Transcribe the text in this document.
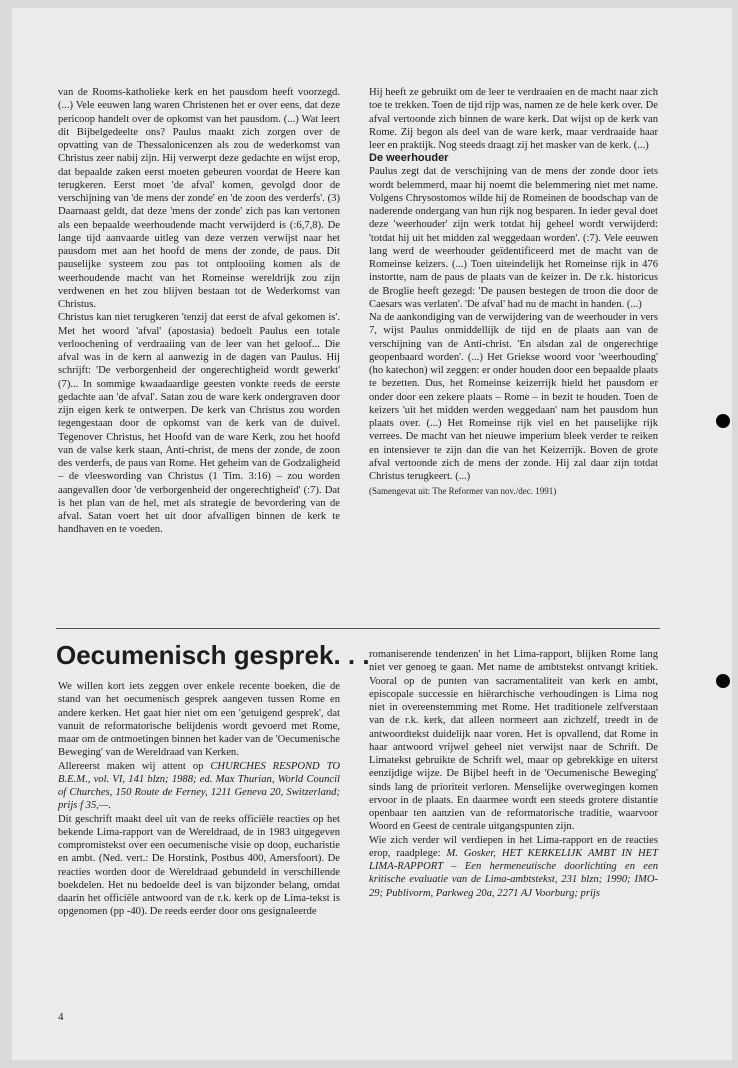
van de Rooms-katholieke kerk en het pausdom heeft voorzegd. (...) Vele eeuwen lang waren Christenen het er over eens, dat deze pericoop handelt over de opkomst van het pausdom. (...) Wat leert dit Bijbelgedeelte ons? Paulus maakt zich zorgen over de opvatting van de Thessalonicenzen als zou de wederkomst van Christus zeer nabij zijn. Hij verwerpt deze gedachte en wijst erop, dat bepaalde zaken eerst moeten gebeuren voordat de Heere kan terugkeren. Eerst moet 'de afval' komen, gevolgd door de verschijning van 'de mens der zonde' en 'de zoon des verderfs'. (3) Daarnaast geldt, dat deze 'mens der zonde' zich pas kan vertonen als een bepaalde weerhoudende macht verwijderd is (:6,7,8). De lange tijd aanvaarde uitleg van deze verzen verwijst naar het pausdom met aan het hoofd de mens der zonde, de paus. Dit pauselijke systeem zou pas tot ontplooiing komen als de weerhoudende macht van het Romeinse wereldrijk zou zijn verdwenen en het zou blijven bestaan tot de Wederkomst van Christus.

Christus kan niet terugkeren 'tenzij dat eerst de afval gekomen is'. Met het woord 'afval' (apostasia) bedoelt Paulus een totale verloochening of verdraaiing van de leer van het geloof... Die afval was in de kern al aanwezig in de dagen van Paulus. Hij schrijft: 'De verborgenheid der ongerechtigheid wordt gewerkt' (7)... In sommige kwaadaardige geesten vonkte reeds de eerste gedachte aan 'de afval'. Satan zou de ware kerk ondergraven door zijn eigen kerk te ontwerpen. De kerk van Christus zou worden tegengestaan door de opkomst van de kerk van de duivel. Tegenover Christus, het Hoofd van de ware Kerk, zou het hoofd van de valse kerk staan, Anti-christ, de mens der zonde, de zoon des verderfs, de paus van Rome. Het geheim van de Godzaligheid – de vleeswording van Christus (1 Tim. 3:16) – zou worden aangevallen door 'de verborgenheid der ongerechtigheid' (:7). Dat is het plan van de hel, met als strategie de bevordering van de afval. Satan voert het uit door afvalligen binnen de kerk te handhaven en te voeden.

Hij heeft ze gebruikt om de leer te verdraaien en de macht naar zich toe te trekken. Toen de tijd rijp was, namen ze de hele kerk over. De afval vertoonde zich binnen de ware kerk. Dat wijst op de kerk van Rome. Zij begon als deel van de ware kerk, maar verdraaide haar leer en praktijk. Nog steeds draagt zij het masker van de kerk. (...)

De weerhouder

Paulus zegt dat de verschijning van de mens der zonde door iets wordt belemmerd, maar hij noemt die belemmering niet met name. Volgens Chrysostomos wilde hij de Romeinen de boodschap van de naderende ondergang van hun rijk nog besparen. In ieder geval doet deze 'weerhouder' zijn werk totdat hij geheel wordt verwijderd: 'totdat hij uit het midden zal weggedaan worden'. (:7). Vele eeuwen lang werd de weerhouder geïdentificeerd met de macht van de Romeinse keizers. (...) Toen uiteindelijk het Romeinse rijk in 476 instortte, nam de paus de plaats van de keizer in. De r.k. historicus de Broglie heeft gezegd: 'De pausen bestegen de troon die door de Caesars was verlaten'. 'De afval' had nu de macht in handen. (...)

Na de aankondiging van de verwijdering van de weerhouder in vers 7, wijst Paulus onmiddellijk de tijd en de plaats aan van de verschijning van de Anti-christ. 'En alsdan zal de ongerechtige geopenbaard worden'. (...) Het Griekse woord voor 'weerhouding' (ho katechon) wil zeggen: er onder houden door een bepaalde plaats te bezetten. Dus, het Romeinse keizerrijk hield het pausdom er onder door een zekere plaats – Rome – in bezit te houden. Toen de keizers 'uit het midden werden weggedaan' nam het pausdom hun plaats over. (...) Het Romeinse rijk viel en het pauselijke rijk verrees. De macht van het nieuwe imperium bleek verder te reiken en intensiever te zijn dan die van het Keizerrijk. Boven de grote afval vertoonde zich de mens der zonde. Hij zal daar zijn totdat Christus terugkeert. (...)

(Samengevat uit: The Reformer van nov./dec. 1991)

Oecumenisch gesprek. . .

We willen kort iets zeggen over enkele recente boeken, die de stand van het oecumenisch gesprek aangeven tussen Rome en andere kerken. Het gaat hier niet om een 'getuigend gesprek', dat vanuit de reformatorische belijdenis wordt gevoerd met Rome, maar om de ontmoetingen binnen het kader van de 'Oecumenische Beweging' van de Wereldraad van Kerken.

Allereerst maken wij attent op CHURCHES RESPOND TO B.E.M., vol. VI, 141 blzn; 1988; ed. Max Thurian, World Council of Churches, 150 Route de Ferney, 1211 Geneva 20, Switzerland; prijs f 35,—.

Dit geschrift maakt deel uit van de reeks officiële reacties op het bekende Lima-rapport van de Wereldraad, de in 1983 uitgegeven compromistekst over een oecumenische visie op doop, eucharistie en ambt. (Ned. vert.: De Horstink, Postbus 400, Amersfoort). De reacties worden door de Wereldraad gebundeld in verschillende boekdelen. Het nu bedoelde deel is van bijzonder belang, omdat daarin het officiële antwoord van de r.k. kerk op de Lima-tekst is opgenomen (pp -40). De reeds eerder door ons gesignaleerde

romaniserende tendenzen' in het Lima-rapport, blijken Rome lang niet ver genoeg te gaan. Met name de ambtstekst ontvangt kritiek. Vooral op de punten van sacramentaliteit van kerk en ambt, episcopale successie en hiërarchische verhoudingen is Lima nog niet in overeenstemming met Rome. Het traditionele zelfverstaan van de r.k. kerk, dat alleen normeert aan zichzelf, treedt in de antwoordtekst duidelijk naar voren. Het is opvallend, dat Rome in haar antwoord vrijwel geheel niet verwijst naar de Schrift. De Limatekst gebruikte de Schrift wel, maar op gebrekkige en uiterst eenzijdige wijze. De Bijbel heeft in de 'Oecumenische Beweging' sinds lang de prioriteit verloren. Menselijke overwegingen komen ervoor in de plaats. En daarmee wordt een steeds grotere distantie openbaar ten aanzien van de reformatorische traditie, waarvoor Woord en Geest de centrale uitgangspunten zijn.

Wie zich verder wil verdiepen in het Lima-rapport en de reacties erop, raadplege: M. Gosker, HET KERKELIJK AMBT IN HET LIMA-RAPPORT – Een hermeneutische doorlichting en een kritische evaluatie van de Lima-ambtstekst, 231 blzn; 1990; IMO-29; Publivorm, Parkweg 20a, 2271 AJ Voorburg; prijs

4
